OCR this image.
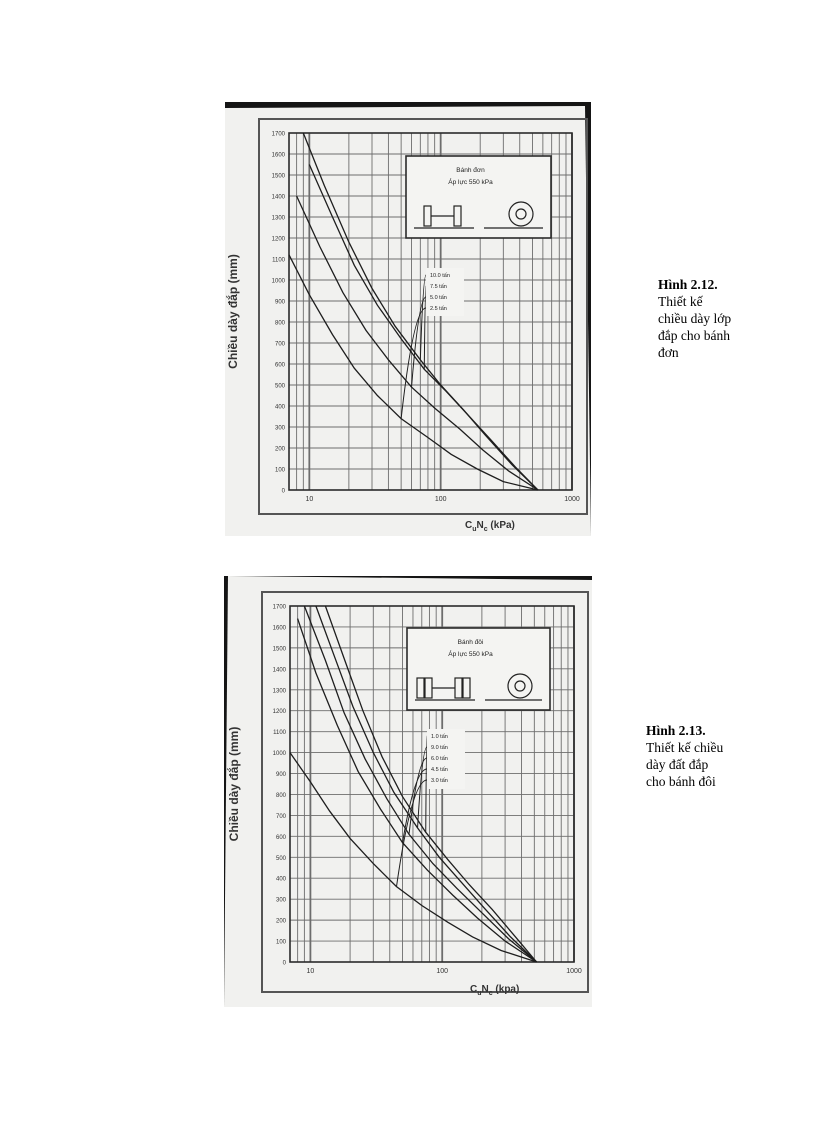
0
100
200
300
400
500
600
700
800
900
1000
1100
1200
1300
1400
1500
1600
1700
10	100	1000
Bánh đơn
Áp lực 550 kPa
10.0 tấn
7.5 tấn
5.0 tấn
2.5 tấn
Chiều dày đắp (mm)
$C_uN_c$ (kPa)
Hình 2.12.
Thiết kế
chiều dày lớp
đắp cho bánh
đơn
0
100
200
300
400
500
600
700
800
900
1000
1100
1200
1300
1400
1500
1600
1700
10	100	1000
Bánh đôi
Áp lực 550 kPa
1.0 tấn
9.0 tấn
6.0 tấn
4.5 tấn
3.0 tấn
Chiều dày đắp (mm)
$C_uN_c$ (kpa)
Hình 2.13.
Thiết kế chiều
dày đất đắp
cho bánh đôi
